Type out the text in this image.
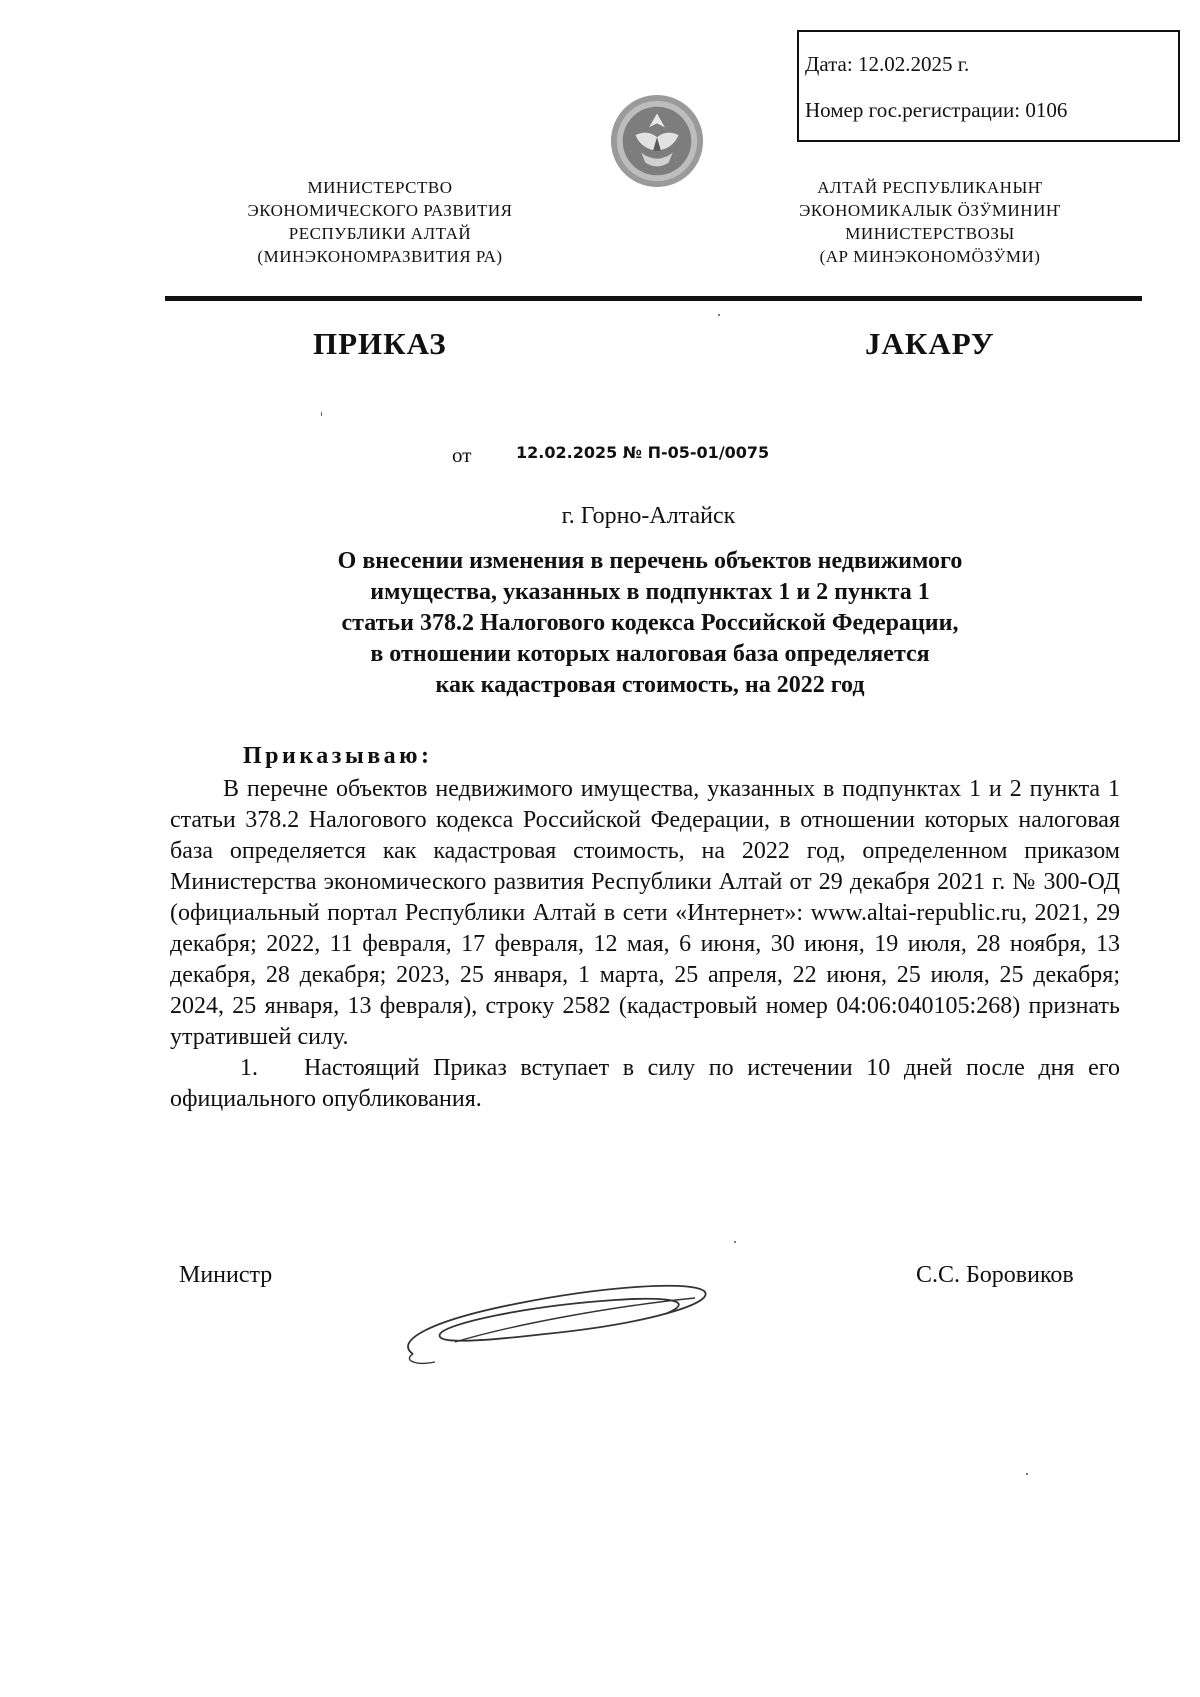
Дата: 12.02.2025 г.
Номер гос.регистрации: 0106
МИНИСТЕРСТВО
ЭКОНОМИЧЕСКОГО РАЗВИТИЯ
РЕСПУБЛИКИ АЛТАЙ
(МИНЭКОНОМРАЗВИТИЯ РА)
АЛТАЙ РЕСПУБЛИКАНЫҤ
ЭКОНОМИКАЛЫК ӦЗӰМИНИҤ
МИНИСТЕРСТВОЗЫ
(АР МИНЭКОНОМӦЗӰМИ)
ПРИКАЗ	ЈАКАРУ
от	12.02.2025 № П-05-01/0075
г. Горно-Алтайск
О внесении изменения в перечень объектов недвижимого
имущества, указанных в подпунктах 1 и 2 пункта 1
статьи 378.2 Налогового кодекса Российской Федерации,
в отношении которых налоговая база определяется
как кадастровая стоимость, на 2022 год
Приказываю:

В перечне объектов недвижимого имущества, указанных в подпунктах 1 и 2 пункта 1 статьи 378.2 Налогового кодекса Российской Федерации, в отношении которых налоговая база определяется как кадастровая стоимость, на 2022 год, определенном приказом Министерства экономического развития Республики Алтай от 29 декабря 2021 г. № 300-ОД (официальный портал Республики Алтай в сети «Интернет»: www.altai-republic.ru, 2021, 29 декабря; 2022, 11 февраля, 17 февраля, 12 мая, 6 июня, 30 июня, 19 июля, 28 ноября, 13 декабря, 28 декабря; 2023, 25 января, 1 марта, 25 апреля, 22 июня, 25 июля, 25 декабря; 2024, 25 января, 13 февраля), строку 2582 (кадастровый номер 04:06:040105:268) признать утратившей силу.

1. Настоящий Приказ вступает в силу по истечении 10 дней после дня его официального опубликования.

Министр	С.С. Боровиков
